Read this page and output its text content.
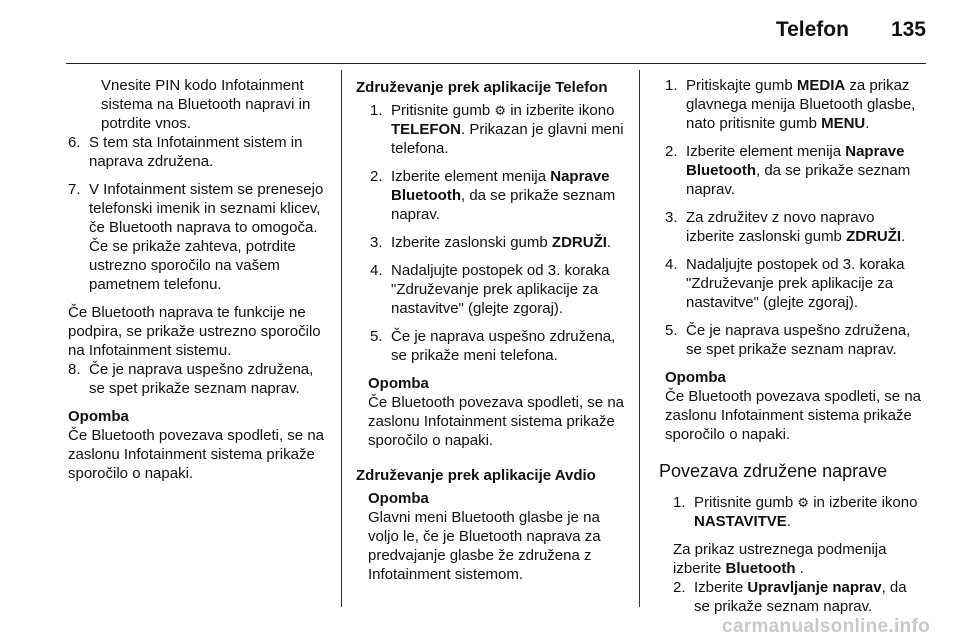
Telefon 135

Vnesite PIN kodo Infotainment sistema na Bluetooth napravi in potrdite vnos.

6. S tem sta Infotainment sistem in naprava združena.
7. V Infotainment sistem se prenesejo telefonski imenik in seznami klicev, če Bluetooth naprava to omogoča. Če se prikaže zahteva, potrdite ustrezno sporočilo na vašem pametnem telefonu.

Če Bluetooth naprava te funkcije ne podpira, se prikaže ustrezno sporočilo na Infotainment sistemu.

8. Če je naprava uspešno združena, se spet prikaže seznam naprav.
Opomba
Če Bluetooth povezava spodleti, se na zaslonu Infotainment sistema prikaže sporočilo o napaki.
Združevanje prek aplikacije Telefon
1. Pritisnite gumb ⚙ in izberite ikono TELEFON. Prikazan je glavni meni telefona.
2. Izberite element menija Naprave Bluetooth, da se prikaže seznam naprav.
3. Izberite zaslonski gumb ZDRUŽI.
4. Nadaljujte postopek od 3. koraka "Združevanje prek aplikacije za nastavitve" (glejte zgoraj).
5. Če je naprava uspešno združena, se prikaže meni telefona.
Opomba
Če Bluetooth povezava spodleti, se na zaslonu Infotainment sistema prikaže sporočilo o napaki.
Združevanje prek aplikacije Avdio
Opomba
Glavni meni Bluetooth glasbe je na voljo le, če je Bluetooth naprava za predvajanje glasbe že združena z Infotainment sistemom.
1. Pritiskajte gumb MEDIA za prikaz glavnega menija Bluetooth glasbe, nato pritisnite gumb MENU.
2. Izberite element menija Naprave Bluetooth, da se prikaže seznam naprav.
3. Za združitev z novo napravo izberite zaslonski gumb ZDRUŽI.
4. Nadaljujte postopek od 3. koraka "Združevanje prek aplikacije za nastavitve" (glejte zgoraj).
5. Če je naprava uspešno združena, se spet prikaže seznam naprav.
Opomba
Če Bluetooth povezava spodleti, se na zaslonu Infotainment sistema prikaže sporočilo o napaki.
Povezava združene naprave
1. Pritisnite gumb ⚙ in izberite ikono NASTAVITVE.

Za prikaz ustreznega podmenija izberite Bluetooth .

2. Izberite Upravljanje naprav, da se prikaže seznam naprav.
carmanualsonline.info
